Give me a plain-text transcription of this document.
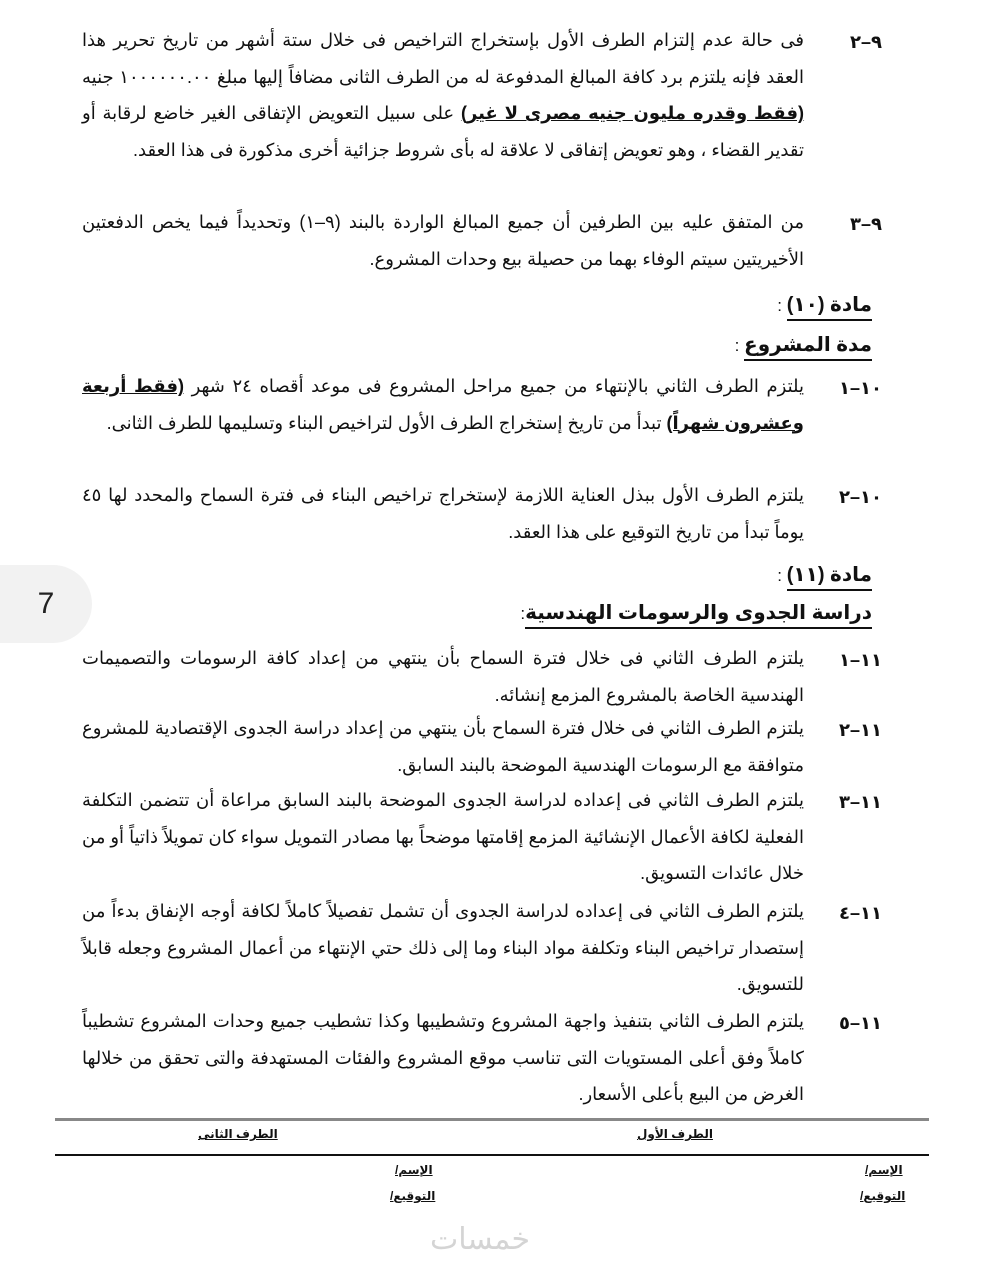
7
٩–٢
فى حالة عدم إلتزام الطرف الأول بإستخراج التراخيص فى خلال ستة أشهر من تاريخ تحرير هذا العقد فإنه يلتزم برد كافة المبالغ المدفوعة له من الطرف الثانى مضافاً إليها مبلغ ١٠٠٠٠٠٠.٠٠ جنيه (فقط وقدره مليون جنيه مصرى لا غير) على سبيل التعويض الإتفاقى الغير خاضع لرقابة أو تقدير القضاء ، وهو تعويض إتفاقى لا علاقة له بأى شروط جزائية أخرى مذكورة فى هذا العقد.
٩–٣
من المتفق عليه بين الطرفين أن جميع المبالغ الواردة بالبند (٩–١) وتحديداً فيما يخص الدفعتين الأخيريتين سيتم الوفاء بهما من حصيلة بيع وحدات المشروع.
مادة (١٠) :
مدة المشروع :
١٠–١
يلتزم الطرف الثاني بالإنتهاء من جميع مراحل المشروع فى موعد أقصاه ٢٤ شهر (فقط أربعة وعشرون شهراً) تبدأ من تاريخ إستخراج الطرف الأول لتراخيص البناء وتسليمها للطرف الثانى.
١٠–٢
يلتزم الطرف الأول ببذل العناية اللازمة لإستخراج تراخيص البناء فى فترة السماح والمحدد لها ٤٥ يوماً تبدأ من تاريخ التوقيع على هذا العقد.
مادة (١١) :
دراسة الجدوى والرسومات الهندسية:
١١–١
يلتزم الطرف الثاني فى خلال فترة السماح بأن ينتهي من إعداد كافة الرسومات والتصميمات الهندسية الخاصة بالمشروع المزمع إنشائه.
١١–٢
يلتزم الطرف الثاني فى خلال فترة السماح بأن ينتهي من إعداد دراسة الجدوى الإقتصادية للمشروع متوافقة مع الرسومات الهندسية الموضحة بالبند السابق.
١١–٣
يلتزم الطرف الثاني فى إعداده لدراسة الجدوى الموضحة بالبند السابق مراعاة أن تتضمن التكلفة الفعلية لكافة الأعمال الإنشائية المزمع إقامتها موضحاً بها مصادر التمويل سواء كان تمويلاً ذاتياً أو من خلال عائدات التسويق.
١١–٤
يلتزم الطرف الثاني فى إعداده لدراسة الجدوى أن تشمل تفصيلاً كاملاً لكافة أوجه الإنفاق بدءاً من إستصدار تراخيص البناء وتكلفة مواد البناء وما إلى ذلك حتي الإنتهاء من أعمال المشروع وجعله قابلاً للتسويق.
١١–٥
يلتزم الطرف الثاني بتنفيذ واجهة المشروع وتشطيبها وكذا تشطيب جميع وحدات المشروع تشطيباً كاملاً وفق أعلى المستويات التى تناسب موقع المشروع والفئات المستهدفة والتى تحقق من خلالها الغرض من البيع بأعلى الأسعار.
الطرف الأول
الطرف الثانى
الإسم/
التوقيع/
الإسم/
التوقيع/
خمسات
